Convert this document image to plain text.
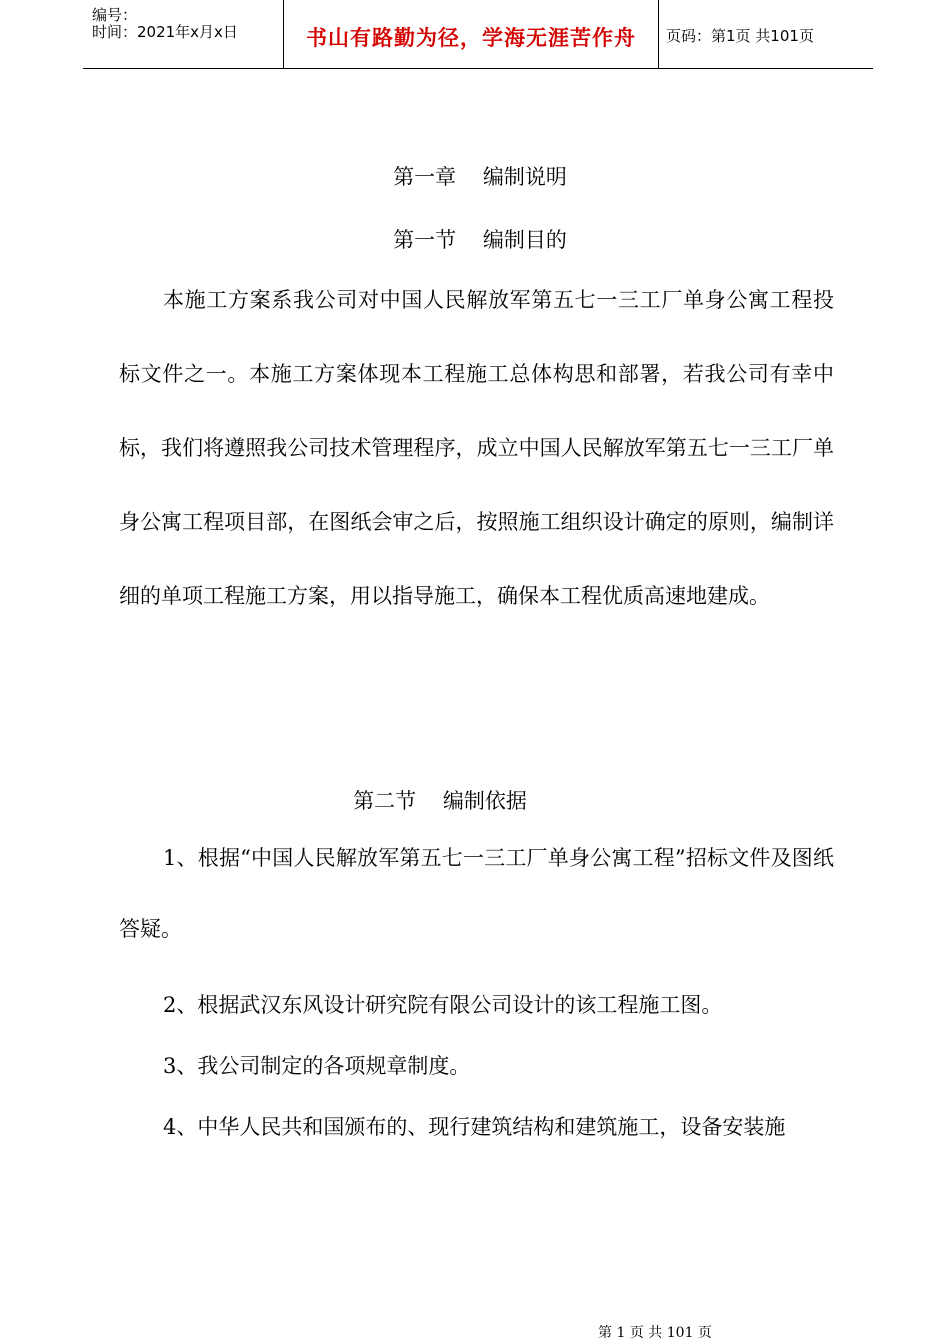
编号：
时间：2021年x月x日	书山有路勤为径，学海无涯苦作舟	页码：第1页 共101页
第一章    编制说明
第一节    编制目的

本施工方案系我公司对中国人民解放军第五七一三工厂单身公寓工程投标文件之一。本施工方案体现本工程施工总体构思和部署，若我公司有幸中标，我们将遵照我公司技术管理程序，成立中国人民解放军第五七一三工厂单身公寓工程项目部，在图纸会审之后，按照施工组织设计确定的原则，编制详细的单项工程施工方案，用以指导施工，确保本工程优质高速地建成。

第二节    编制依据

1、根据“中国人民解放军第五七一三工厂单身公寓工程”招标文件及图纸答疑。

2、根据武汉东风设计研究院有限公司设计的该工程施工图。

3、我公司制定的各项规章制度。

4、中华人民共和国颁布的、现行建筑结构和建筑施工，设备安装施

第 1 页 共 101 页
